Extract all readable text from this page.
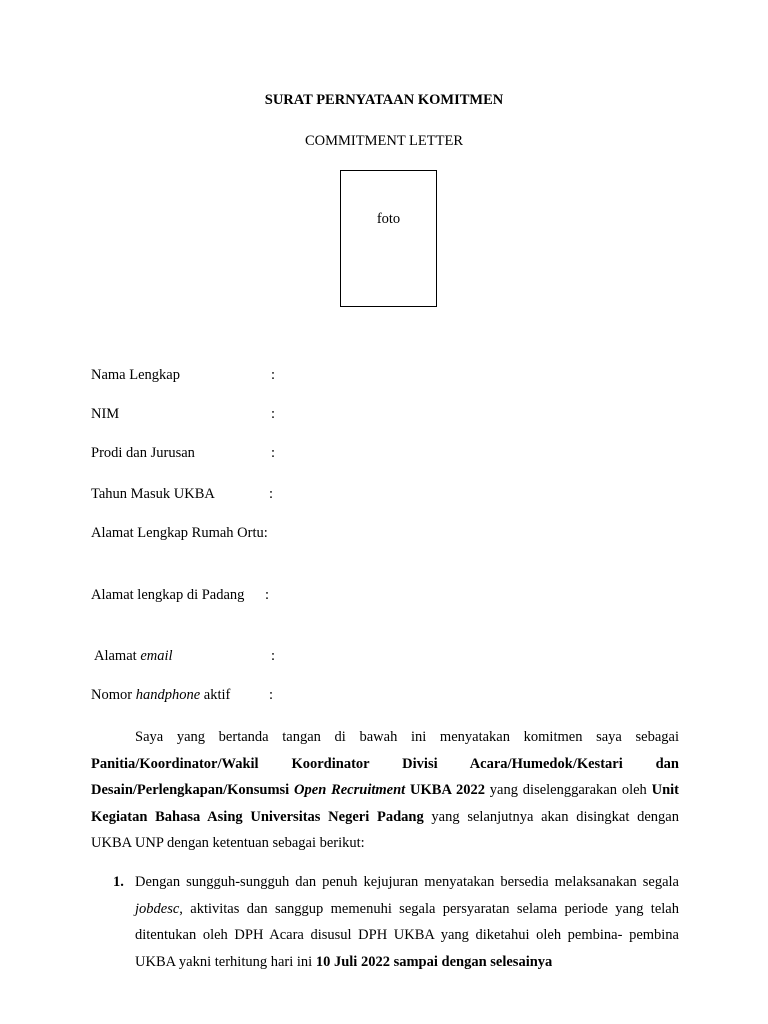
SURAT PERNYATAAN KOMITMEN
COMMITMENT LETTER
foto
Nama Lengkap	:
NIM	:
Prodi dan Jurusan	:
Tahun Masuk UKBA	:
Alamat Lengkap Rumah Ortu:
Alamat lengkap di Padang :
Alamat email	:
Nomor handphone aktif	:

Saya yang bertanda tangan di bawah ini menyatakan komitmen saya sebagai Panitia/Koordinator/Wakil Koordinator Divisi Acara/Humedok/Kestari dan Desain/Perlengkapan/Konsumsi Open Recruitment UKBA 2022 yang diselenggarakan oleh Unit Kegiatan Bahasa Asing Universitas Negeri Padang yang selanjutnya akan disingkat dengan UKBA UNP dengan ketentuan sebagai berikut:

1. Dengan sungguh-sungguh dan penuh kejujuran menyatakan bersedia melaksanakan segala jobdesc, aktivitas dan sanggup memenuhi segala persyaratan selama periode yang telah ditentukan oleh DPH Acara disusul DPH UKBA yang diketahui oleh pembina- pembina UKBA yakni terhitung hari ini 10 Juli 2022 sampai dengan selesainya
